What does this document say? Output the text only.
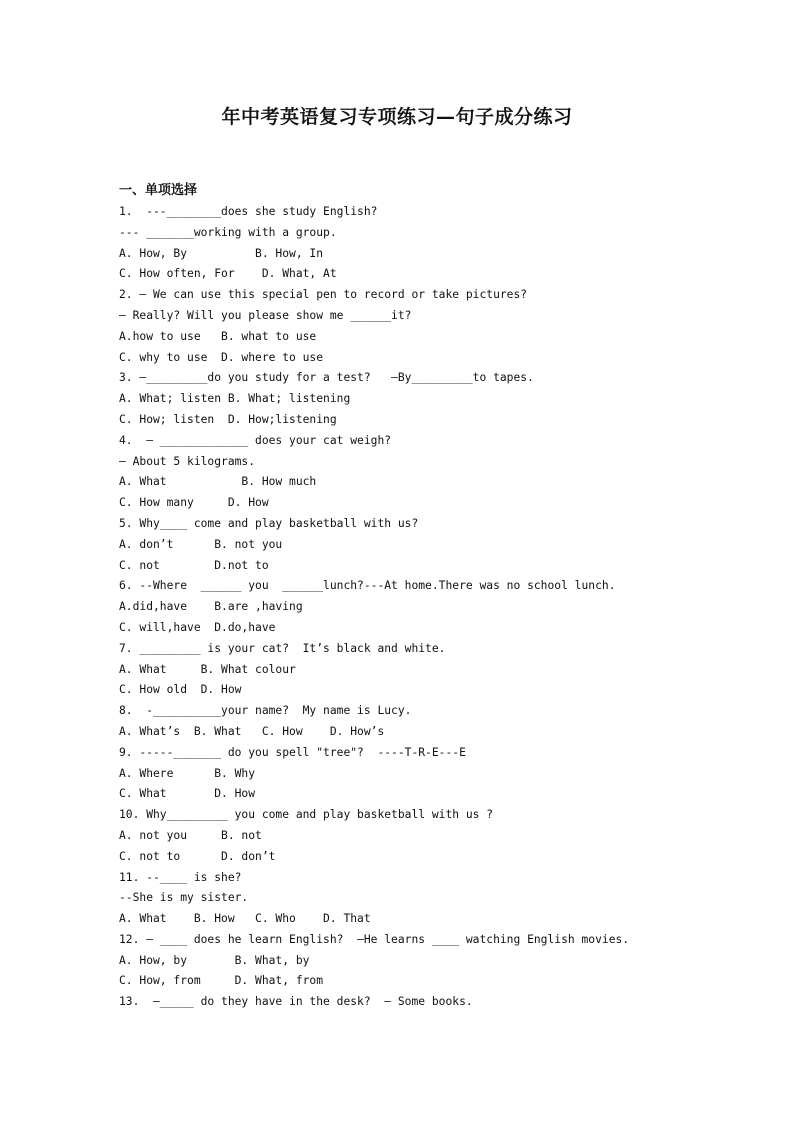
年中考英语复习专项练习—句子成分练习
一、单项选择
1.  ---________does she study English?
--- _______working with a group.
A. How, By          B. How, In
C. How often, For    D. What, At
2. — We can use this special pen to record or take pictures?
— Really? Will you please show me ______it?
A.how to use   B. what to use
C. why to use  D. where to use
3. —_________do you study for a test?   —By_________to tapes.
A. What; listen B. What; listening
C. How; listen  D. How;listening
4.  — _____________ does your cat weigh?
— About 5 kilograms.
A. What           B. How much
C. How many     D. How
5. Why____ come and play basketball with us?
A. don’t      B. not you
C. not        D.not to
6. --Where  ______ you  ______lunch?---At home.There was no school lunch.
A.did,have    B.are ,having
C. will,have  D.do,have
7. _________ is your cat?  It’s black and white.
A. What     B. What colour
C. How old  D. How
8.  -__________your name?  My name is Lucy.
A. What’s  B. What   C. How    D. How’s
9. -----_______ do you spell "tree"?  ----T-R-E---E
A. Where      B. Why
C. What       D. How
10. Why_________ you come and play basketball with us ?
A. not you     B. not
C. not to      D. don’t
11. --____ is she?
--She is my sister.
A. What    B. How   C. Who    D. That
12. — ____ does he learn English?  —He learns ____ watching English movies.
A. How, by       B. What, by
C. How, from     D. What, from
13.  —_____ do they have in the desk?  — Some books.
